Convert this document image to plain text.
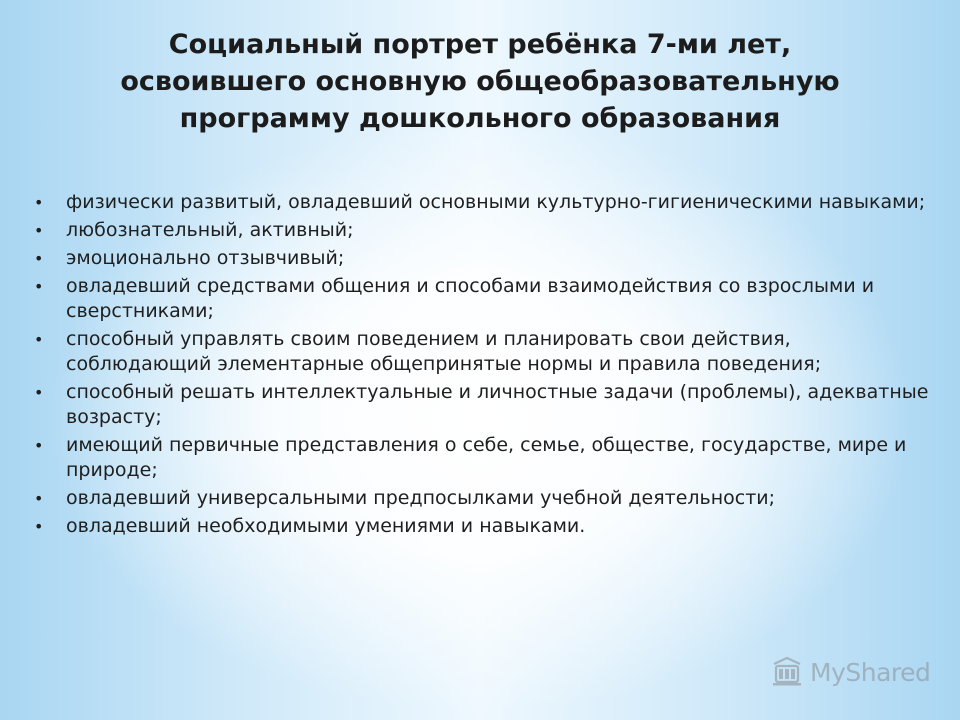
Социальный портрет ребёнка 7-ми лет,
освоившего основную общеобразовательную
программу дошкольного образования
• физически развитый, овладевший основными культурно-гигиеническими навыками;
• любознательный, активный;
• эмоционально отзывчивый;
• овладевший средствами общения и способами взаимодействия со взрослыми и сверстниками;
• способный управлять своим поведением и планировать свои действия, соблюдающий элементарные общепринятые нормы и правила поведения;
• способный решать интеллектуальные и личностные задачи (проблемы), адекватные возрасту;
• имеющий первичные представления о себе, семье, обществе, государстве, мире и природе;
• овладевший универсальными предпосылками учебной деятельности;
• овладевший необходимыми умениями и навыками.
MyShared
